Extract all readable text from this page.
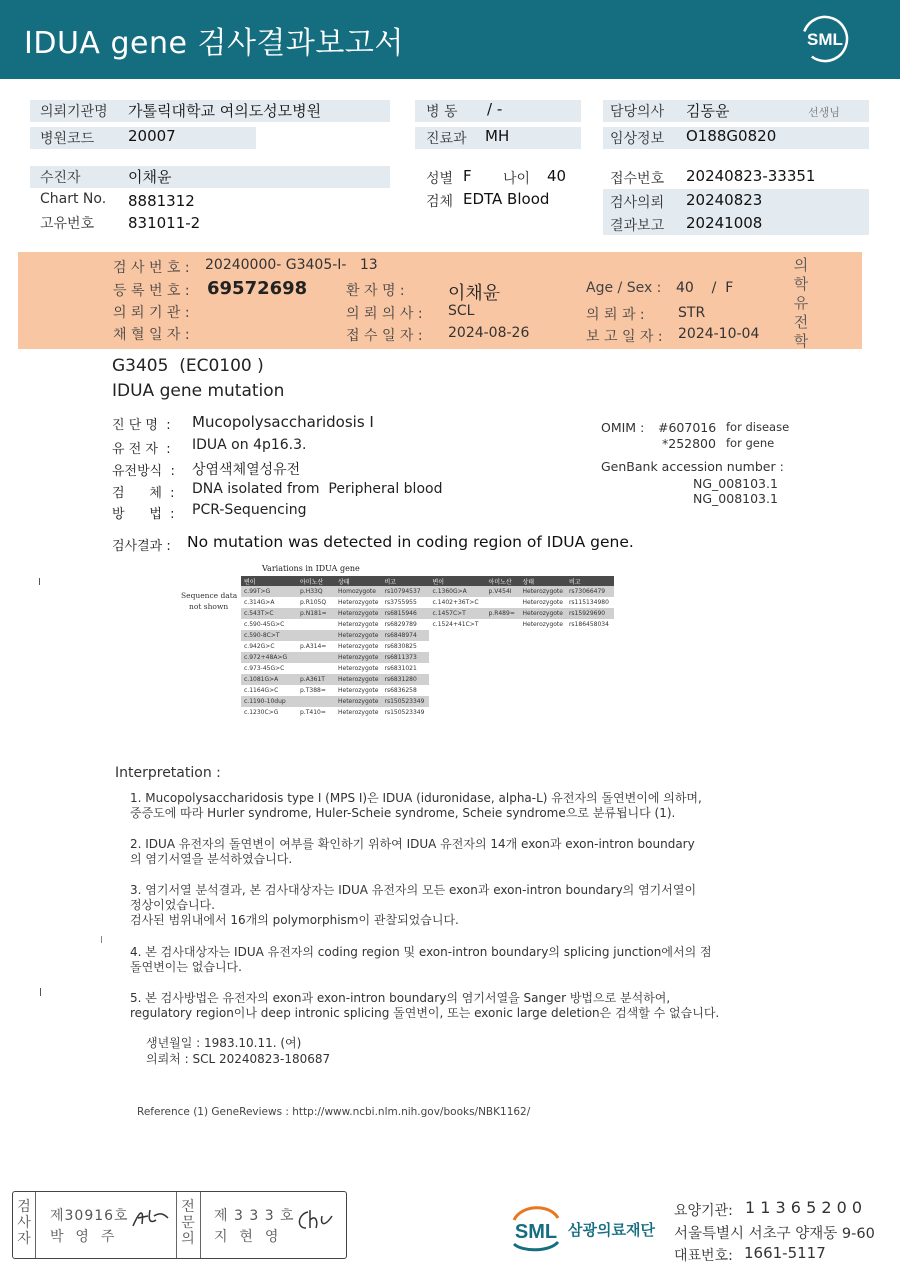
IDUA gene 검사결과보고서	SML
의뢰기관명 가톨릭대학교 여의도성모병원
병원코드 20007
병 동 / -
진료과 MH
담당의사 김동윤	선생님
임상정보 O188G0820
수진자	이채윤
Chart No. 8881312
고유번호 831011-2
성별 F 나이 40
검체 EDTA Blood
접수번호 20240823-33351
검사의뢰 20240823
결과보고 20241008
검 사 번 호 : 20240000- G3405-I-   13
등 록 번 호 : 69572698
의 뢰 기 관 :
채 혈 일 자 :
환 자 명 : 이채윤
의 뢰 의 사 : SCL
접 수 일 자 : 2024-08-26
Age / Sex : 40    /  F
의 뢰 과 : STR
보 고 일 자 : 2024-10-04
의
학
유
전
학
G3405  (EC0100 )
IDUA gene mutation
진 단 명  : Mucopolysaccharidosis I
유 전 자  : IDUA on 4p16.3.
유전방식  : 상염색체열성유전
검      체  : DNA isolated from  Peripheral blood
방      법  : PCR-Sequencing
OMIM : #607016 for disease
*252800 for gene
GenBank accession number :
NG_008103.1
NG_008103.1
검사결과 : No mutation was detected in coding region of IDUA gene.
Variations in IDUA gene
Sequence data
not shown
변이	아미노산	상태	비고	변이	아미노산	상태	비고
c.99T>G	p.H33Q	Homozygote	rs10794537	c.1360G>A	p.V454I	Heterozygote	rs73066479
c.314G>A	p.R105Q	Heterozygote	rs3755955	c.1402+36T>C		Heterozygote	rs115134980
c.543T>C	p.N181=	Heterozygote	rs6815946	c.1457C>T	p.R489=	Heterozygote	rs15929690
c.590-45G>C		Heterozygote	rs6829789	c.1524+41C>T		Heterozygote	rs186458034
c.590-8C>T		Heterozygote	rs6848974				
c.942G>C	p.A314=	Heterozygote	rs6830825				
c.972+48A>G		Heterozygote	rs6811373				
c.973-45G>C		Heterozygote	rs6831021				
c.1081G>A	p.A361T	Heterozygote	rs6831280				
c.1164G>C	p.T388=	Heterozygote	rs6836258				
c.1190-10dup		Heterozygote	rs150523349				
c.1230C>G	p.T410=	Heterozygote	rs150523349				
Interpretation :
1. Mucopolysaccharidosis type I (MPS I)은 IDUA (iduronidase, alpha-L) 유전자의 돌연변이에 의하며,
중증도에 따라 Hurler syndrome, Huler-Scheie syndrome, Scheie syndrome으로 분류됩니다 (1).
2. IDUA 유전자의 돌연변이 여부를 확인하기 위하여 IDUA 유전자의 14개 exon과 exon-intron boundary
의 염기서열을 분석하였습니다.
3. 염기서열 분석결과, 본 검사대상자는 IDUA 유전자의 모든 exon과 exon-intron boundary의 염기서열이
정상이었습니다.
검사된 범위내에서 16개의 polymorphism이 관찰되었습니다.
4. 본 검사대상자는 IDUA 유전자의 coding region 및 exon-intron boundary의 splicing junction에서의 점
돌연변이는 없습니다.
5. 본 검사방법은 유전자의 exon과 exon-intron boundary의 염기서열을 Sanger 방법으로 분석하여,
regulatory region이나 deep intronic splicing 돌연변이, 또는 exonic large deletion은 검색할 수 없습니다.
생년월일 : 1983.10.11. (여)
의뢰처 : SCL 20240823-180687
Reference (1) GeneReviews : http://www.ncbi.nlm.nih.gov/books/NBK1162/
검
사
자
제30916호
박  영  주
전
문
의
제 3 3 3 호
지  현  영	SML 삼광의료재단
요양기관: 1 1 3 6 5 2 0 0
서울특별시 서초구 양재동 9-60
대표번호: 1661-5117
